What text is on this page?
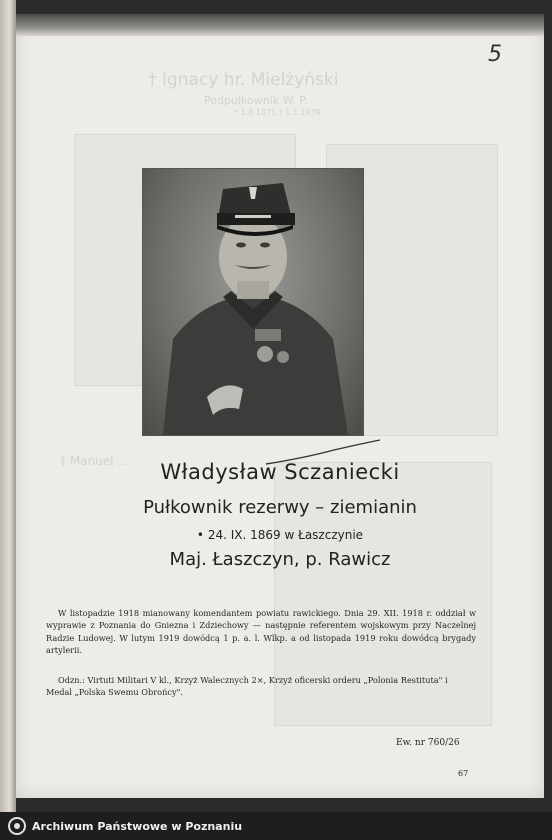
† Ignacy hr. Mielżyński
Podpułkownik W. P.
* 1.8.1871 † 1.1.1939
† Manuel ...
5
Władysław Sczaniecki
Pułkownik rezerwy – ziemianin
• 24. IX. 1869 w Łaszczynie
Maj. Łaszczyn, p. Rawicz
W listopadzie 1918 mianowany komendantem powiatu rawickiego. Dnia 29. XII. 1918 r. oddział w wyprawie z Poznania do Gniezna i Zdziechowy — następnie referentem wojskowym przy Naczelnej Radzie Ludowej. W lutym 1919 dowódcą 1 p. a. l. Wlkp. a od listopada 1919 roku dowódcą brygady artylerii.
Odzn.: Virtuti Militari V kl., Krzyż Walecznych 2×, Krzyż oficerski orderu „Polonia Restituta" i Medal „Polska Swemu Obrońcy".
Ew. nr 760/26
67
Archiwum Państwowe w Poznaniu
